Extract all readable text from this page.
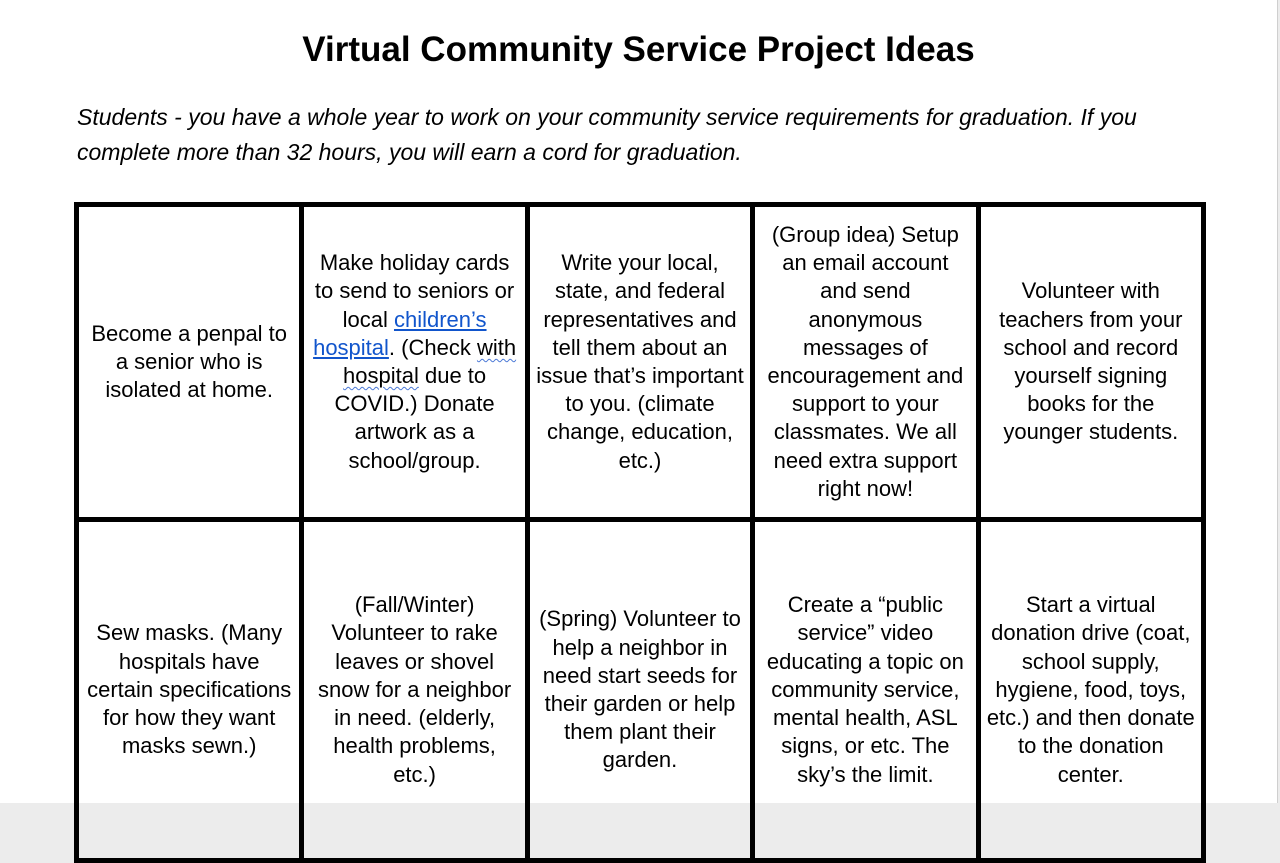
Virtual Community Service Project Ideas

Students - you have a whole year to work on your community service requirements for graduation. If you complete more than 32 hours, you will earn a cord for graduation.

Become a penpal to a senior who is isolated at home.	Make holiday cards to send to seniors or local children’s hospital. (Check with hospital due to COVID.) Donate artwork as a school/group.	Write your local, state, and federal representatives and tell them about an issue that’s important to you. (climate change, education, etc.)	(Group idea) Setup an email account and send anonymous messages of encouragement and support to your classmates. We all need extra support right now!	Volunteer with teachers from your school and record yourself signing books for the younger students.
Sew masks. (Many hospitals have certain specifications for how they want masks sewn.)	(Fall/Winter) Volunteer to rake leaves or shovel snow for a neighbor in need. (elderly, health problems, etc.)	(Spring) Volunteer to help a neighbor in need start seeds for their garden or help them plant their garden.	Create a “public service” video educating a topic on community service, mental health, ASL signs, or etc. The sky’s the limit.	Start a virtual donation drive (coat, school supply, hygiene, food, toys, etc.) and then donate to the donation center.
